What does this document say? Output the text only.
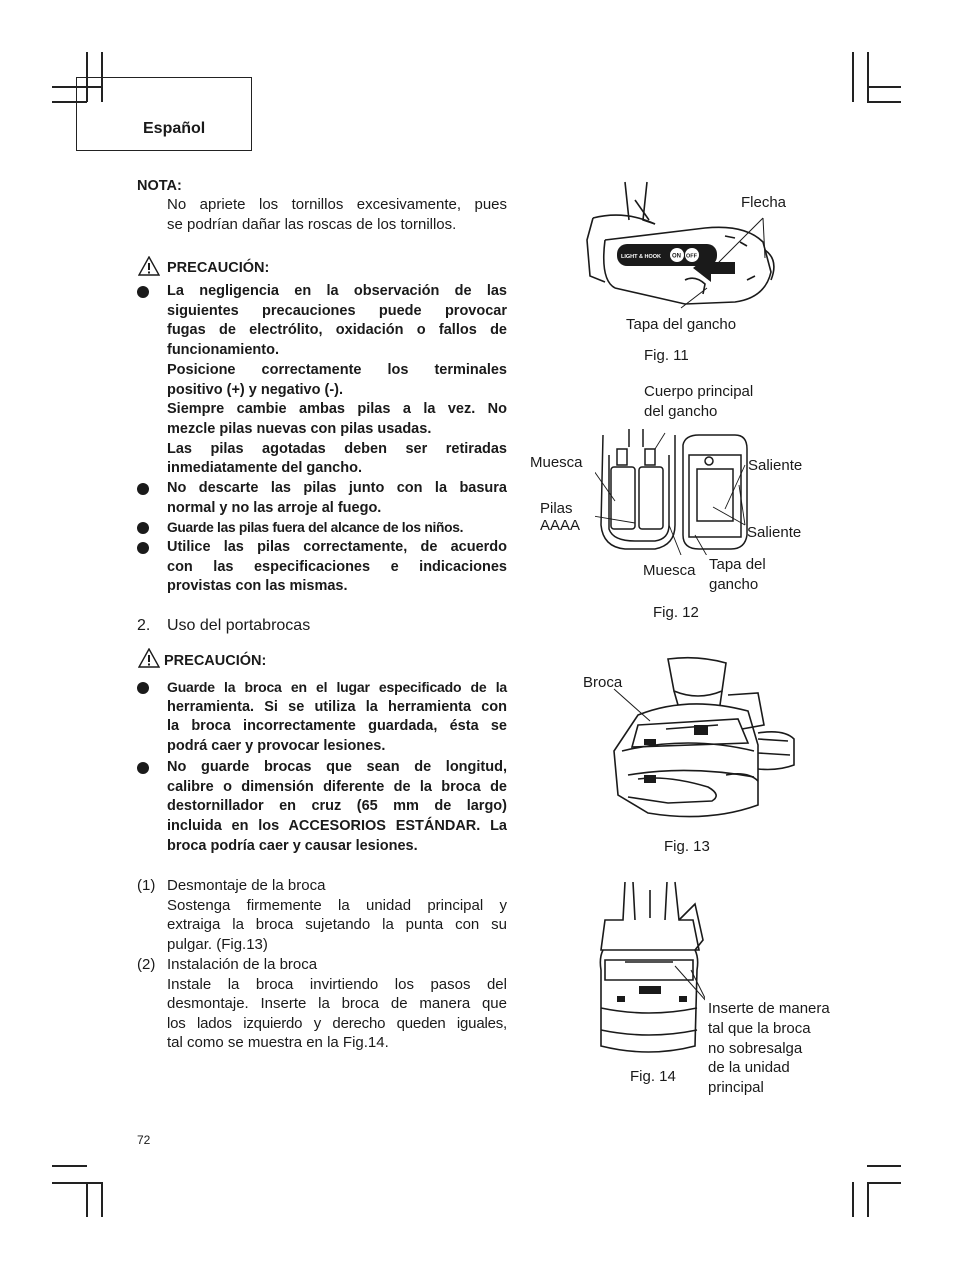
Español
NOTA:
No apriete los tornillos excesivamente, pues
se podrían dañar las roscas de los tornillos.
PRECAUCIÓN:
La negligencia en la observación de las
siguientes precauciones puede provocar
fugas de electrólito, oxidación o fallos de
funcionamiento.
Posicione correctamente los terminales
positivo (+) y negativo (-).
Siempre cambie ambas pilas a la vez. No
mezcle pilas nuevas con pilas usadas.
Las pilas agotadas deben ser retiradas
inmediatamente del gancho.
No descarte las pilas junto con la basura
normal y no las arroje al fuego.
Guarde las pilas fuera del alcance de los niños.
Utilice las pilas correctamente, de acuerdo
con las especificaciones e indicaciones
provistas con las mismas.
2. Uso del portabrocas
PRECAUCIÓN:
Guarde la broca en el lugar especificado de la
herramienta. Si se utiliza la herramienta con
la broca incorrectamente guardada, ésta se
podrá caer y provocar lesiones.
No guarde brocas que sean de longitud,
calibre o dimensión diferente de la broca de
destornillador en cruz (65 mm de largo)
incluida en los ACCESORIOS ESTÁNDAR. La
broca podría caer y causar lesiones.
(1) Desmontaje de la broca
Sostenga firmemente la unidad principal y
extraiga la broca sujetando la punta con su
pulgar. (Fig.13)
(2) Instalación de la broca
Instale la broca invirtiendo los pasos del
desmontaje. Inserte la broca de manera que
los lados izquierdo y derecho queden iguales,
tal como se muestra en la Fig.14.
LIGHT & HOOK ON OFF
Flecha
Tapa del gancho
Fig. 11
Cuerpo principal
del gancho
Muesca
Pilas
AAAA
Saliente
Saliente
Muesca Tapa del
gancho
Fig. 12
Broca
Fig. 13
Inserte de manera
tal que la broca
no sobresalga
de la unidad
principal
Fig. 14
72
